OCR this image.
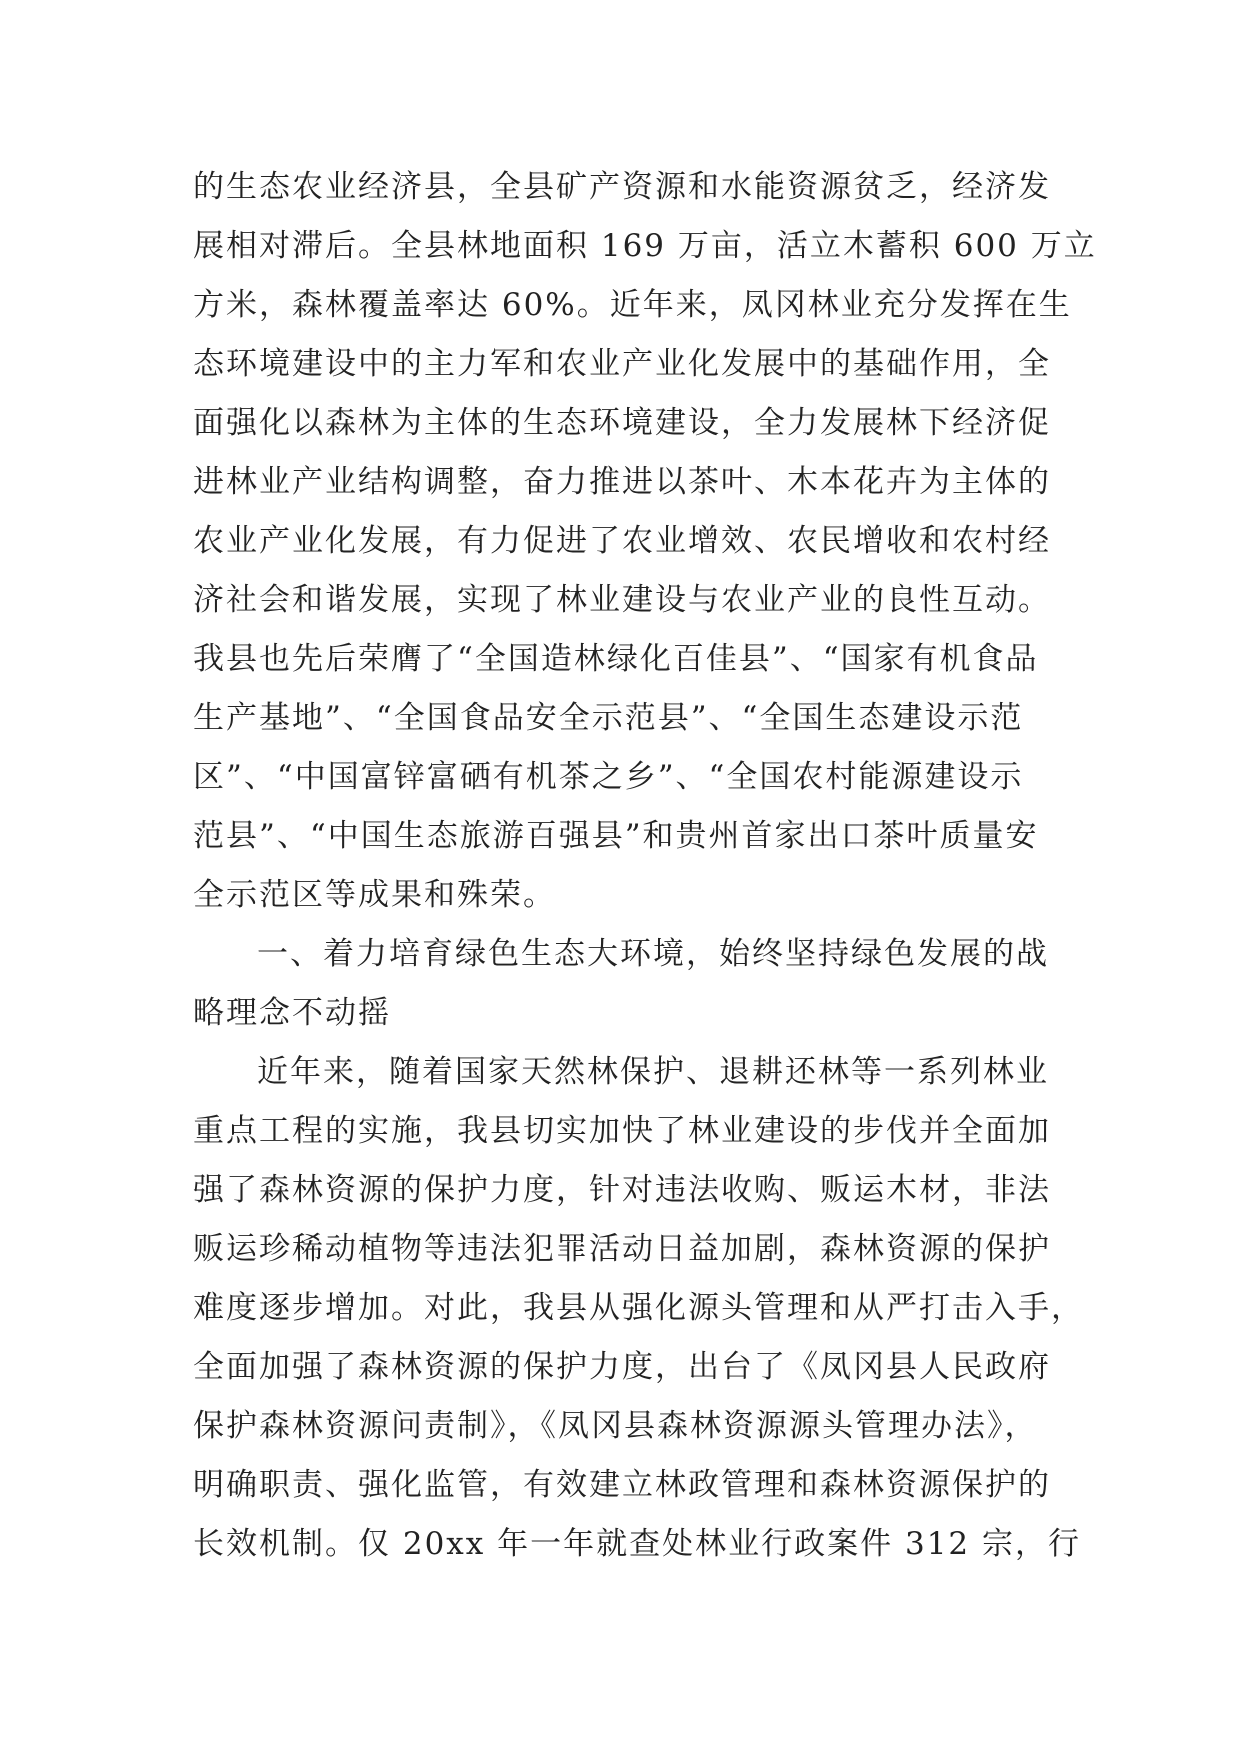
的生态农业经济县，全县矿产资源和水能资源贫乏，经济发
展相对滞后。全县林地面积 169 万亩，活立木蓄积 600 万立
方米，森林覆盖率达 60%。近年来，凤冈林业充分发挥在生
态环境建设中的主力军和农业产业化发展中的基础作用，全
面强化以森林为主体的生态环境建设，全力发展林下经济促
进林业产业结构调整，奋力推进以茶叶、木本花卉为主体的
农业产业化发展，有力促进了农业增效、农民增收和农村经
济社会和谐发展，实现了林业建设与农业产业的良性互动。
我县也先后荣膺了“全国造林绿化百佳县”、“国家有机食品
生产基地”、“全国食品安全示范县”、“全国生态建设示范
区”、“中国富锌富硒有机茶之乡”、“全国农村能源建设示
范县”、“中国生态旅游百强县”和贵州首家出口茶叶质量安
全示范区等成果和殊荣。
一、着力培育绿色生态大环境，始终坚持绿色发展的战
略理念不动摇
近年来，随着国家天然林保护、退耕还林等一系列林业
重点工程的实施，我县切实加快了林业建设的步伐并全面加
强了森林资源的保护力度，针对违法收购、贩运木材，非法
贩运珍稀动植物等违法犯罪活动日益加剧，森林资源的保护
难度逐步增加。对此，我县从强化源头管理和从严打击入手，
全面加强了森林资源的保护力度，出台了《凤冈县人民政府
保护森林资源问责制》，《凤冈县森林资源源头管理办法》，
明确职责、强化监管，有效建立林政管理和森林资源保护的
长效机制。仅 20xx 年一年就查处林业行政案件 312 宗，行
